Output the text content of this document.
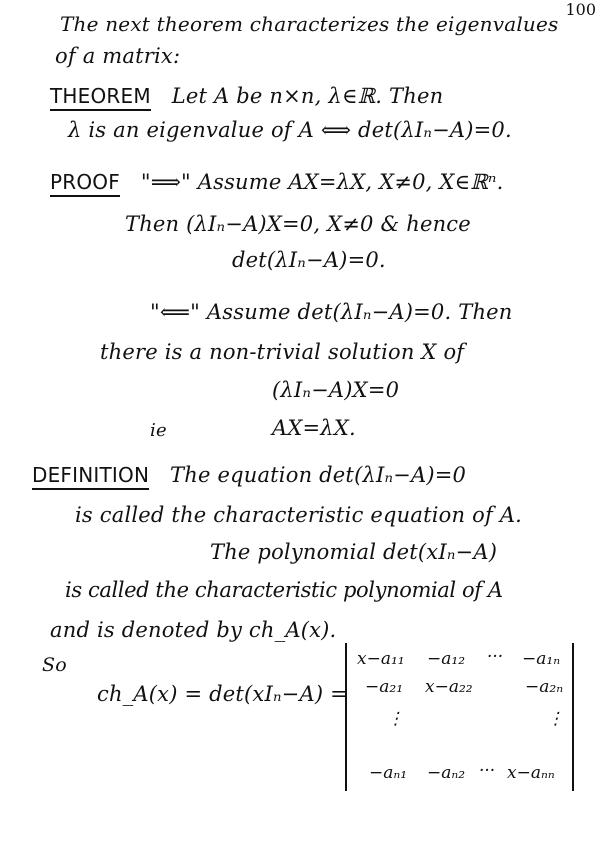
100
The next theorem characterizes the eigenvalues
of a matrix:
THEOREM Let A be n×n, λ∈ℝ. Then
λ is an eigenvalue of A ⟺ det(λIₙ−A)=0.
PROOF "⟹" Assume AX=λX, X≠0, X∈ℝⁿ.
Then (λIₙ−A)X=0, X≠0 & hence
det(λIₙ−A)=0.
"⟸" Assume det(λIₙ−A)=0. Then
there is a non-trivial solution X of
(λIₙ−A)X=0
ie	AX=λX.
DEFINITION The equation det(λIₙ−A)=0
is called the characteristic equation of A.
The polynomial det(xIₙ−A)
is called the characteristic polynomial of A
and is denoted by ch_A(x).
So
ch_A(x) = det(xIₙ−A) =
x−a₁₁ −a₁₂ ··· −a₁ₙ
−a₂₁ x−a₂₂	−a₂ₙ
⋮	⋮
−aₙ₁ −aₙ₂ ··· x−aₙₙ
